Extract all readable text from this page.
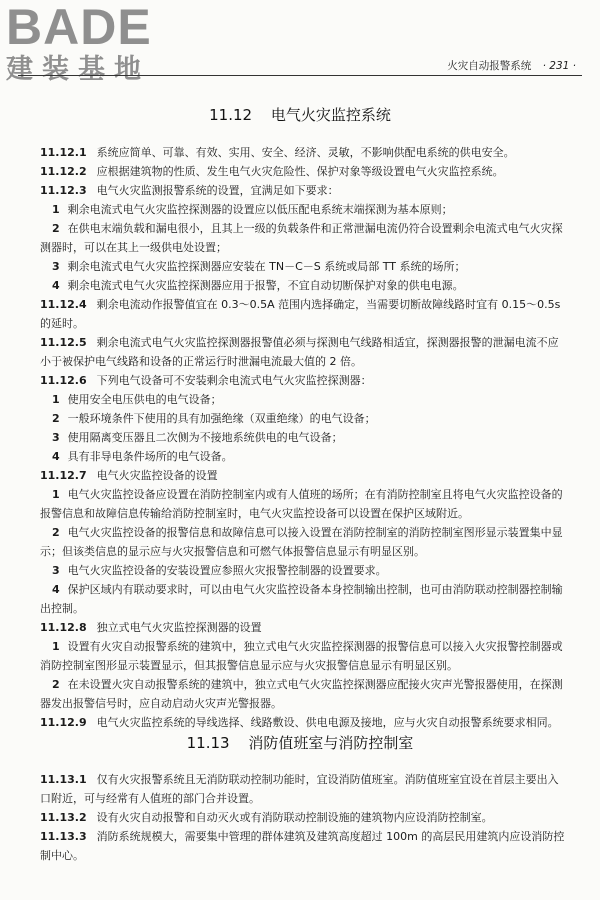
BADE
建装基地	火灾自动报警系统 · 231 ·
11.12 电气火灾监控系统

11.12.1 系统应简单、可靠、有效、实用、安全、经济、灵敏，不影响供配电系统的供电安全。

11.12.2 应根据建筑物的性质、发生电气火灾危险性、保护对象等级设置电气火灾监控系统。

11.12.3 电气火灾监测报警系统的设置，宜满足如下要求：

1 剩余电流式电气火灾监控探测器的设置应以低压配电系统末端探测为基本原则；

2 在供电末端负载和漏电很小，且其上一级的负载条件和正常泄漏电流仍符合设置剩余电流式电气火灾探测器时，可以在其上一级供电处设置；

3 剩余电流式电气火灾监控探测器应安装在 TN－C－S 系统或局部 TT 系统的场所；

4 剩余电流式电气火灾监控探测器应用于报警，不宜自动切断保护对象的供电电源。

11.12.4 剩余电流动作报警值宜在 0.3～0.5A 范围内选择确定，当需要切断故障线路时宜有 0.15～0.5s 的延时。

11.12.5 剩余电流式电气火灾监控探测器报警值必须与探测电气线路相适宜，探测器报警的泄漏电流不应小于被保护电气线路和设备的正常运行时泄漏电流最大值的 2 倍。

11.12.6 下列电气设备可不安装剩余电流式电气火灾监控探测器：

1 使用安全电压供电的电气设备；

2 一般环境条件下使用的具有加强绝缘（双重绝缘）的电气设备；

3 使用隔离变压器且二次侧为不接地系统供电的电气设备；

4 具有非导电条件场所的电气设备。

11.12.7 电气火灾监控设备的设置

1 电气火灾监控设备应设置在消防控制室内或有人值班的场所；在有消防控制室且将电气火灾监控设备的报警信息和故障信息传输给消防控制室时，电气火灾监控设备可以设置在保护区域附近。

2 电气火灾监控设备的报警信息和故障信息可以接入设置在消防控制室的消防控制室图形显示装置集中显示；但该类信息的显示应与火灾报警信息和可燃气体报警信息显示有明显区别。

3 电气火灾监控设备的安装设置应参照火灾报警控制器的设置要求。

4 保护区域内有联动要求时，可以由电气火灾监控设备本身控制输出控制，也可由消防联动控制器控制输出控制。

11.12.8 独立式电气火灾监控探测器的设置

1 设置有火灾自动报警系统的建筑中，独立式电气火灾监控探测器的报警信息可以接入火灾报警控制器或消防控制室图形显示装置显示，但其报警信息显示应与火灾报警信息显示有明显区别。

2 在未设置火灾自动报警系统的建筑中，独立式电气火灾监控探测器应配接火灾声光警报器使用，在探测器发出报警信号时，应自动启动火灾声光警报器。

11.12.9 电气火灾监控系统的导线选择、线路敷设、供电电源及接地，应与火灾自动报警系统要求相同。

11.13 消防值班室与消防控制室

11.13.1 仅有火灾报警系统且无消防联动控制功能时，宜设消防值班室。消防值班室宜设在首层主要出入口附近，可与经常有人值班的部门合并设置。

11.13.2 设有火灾自动报警和自动灭火或有消防联动控制设施的建筑物内应设消防控制室。

11.13.3 消防系统规模大，需要集中管理的群体建筑及建筑高度超过 100m 的高层民用建筑内应设消防控制中心。
